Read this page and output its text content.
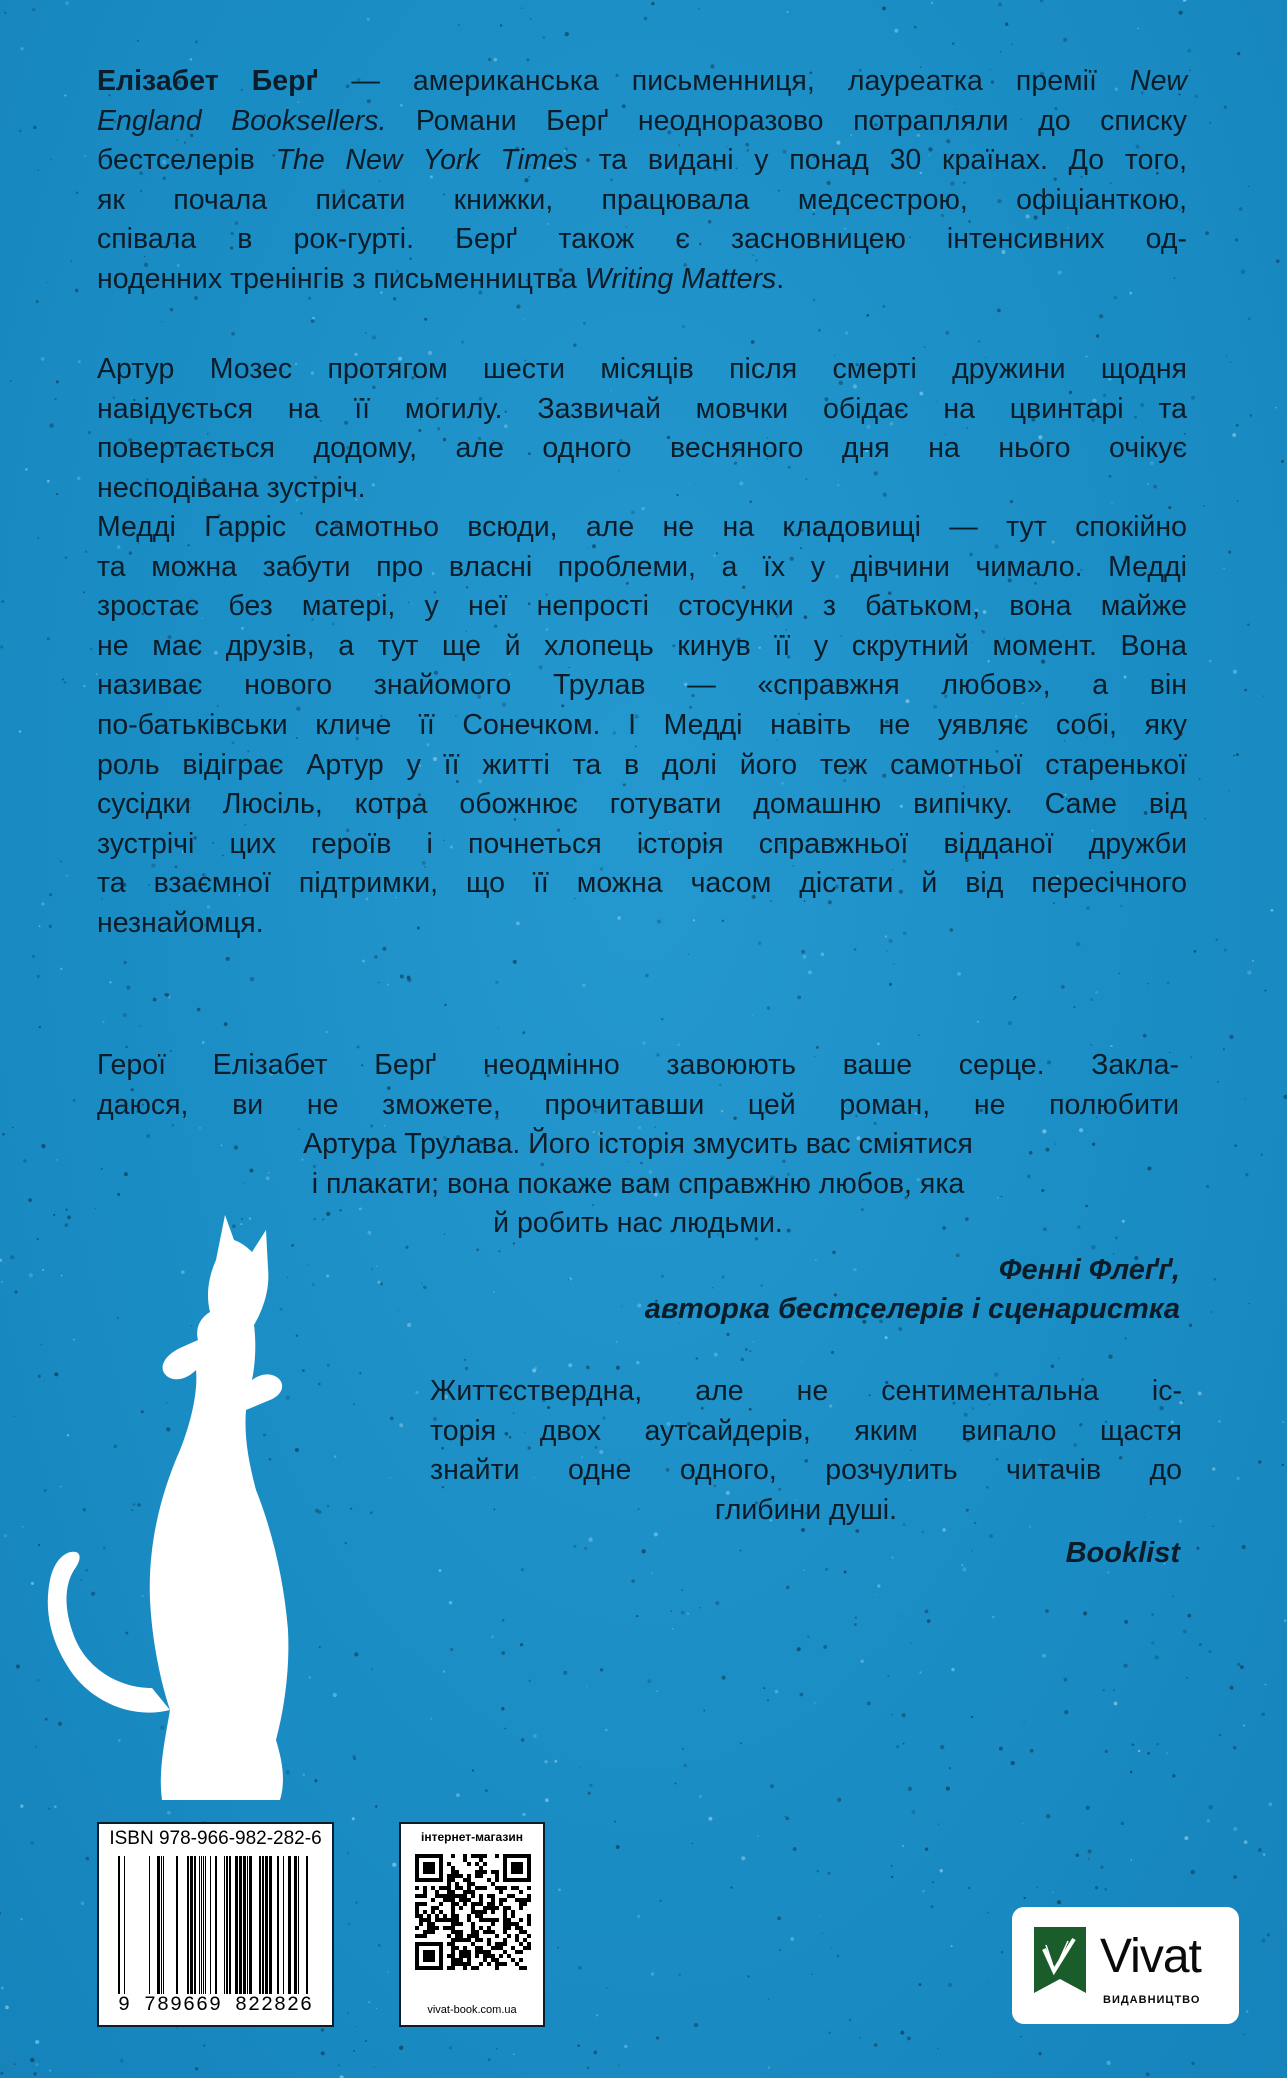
Елізабет Берґ — американська письменниця, лауреатка премії New
England Booksellers. Романи Берґ неодноразово потрапляли до списку
бестселерів The New York Times та видані у понад 30 країнах. До того,
як почала писати книжки, працювала медсестрою, офіціанткою,
співала в рок-гурті. Берґ також є засновницею інтенсивних од-
ноденних тренінгів з письменництва Writing Matters.
Артур Мозес протягом шести місяців після смерті дружини щодня
навідується на її могилу. Зазвичай мовчки обідає на цвинтарі та
повертається додому, але одного весняного дня на нього очікує
несподівана зустріч.
Медді Гарріс самотньо всюди, але не на кладовищі — тут спокійно
та можна забути про власні проблеми, а їх у дівчини чимало. Медді
зростає без матері, у неї непрості стосунки з батьком, вона майже
не має друзів, а тут ще й хлопець кинув її у скрутний момент. Вона
називає нового знайомого Трулав — «справжня любов», а він
по-батьківськи кличе її Сонечком. І Медді навіть не уявляє собі, яку
роль відіграє Артур у її житті та в долі його теж самотньої старенької
сусідки Люсіль, котра обожнює готувати домашню випічку. Саме від
зустрічі цих героїв і почнеться історія справжньої відданої дружби
та взаємної підтримки, що її можна часом дістати й від пересічного
незнайомця.
Герої Елізабет Берґ неодмінно завоюють ваше серце. Закла-
даюся, ви не зможете, прочитавши цей роман, не полюбити
Артура Трулава. Його історія змусить вас сміятися
і плакати; вона покаже вам справжню любов, яка
й робить нас людьми.
Фенні Флеґґ,
авторка бестселерів і сценаристка
Життєствердна, але не сентиментальна іс-
торія двох аутсайдерів, яким випало щастя
знайти одне одного, розчулить читачів до
глибини душі.
Booklist
ISBN 978-966-982-282-6
9 789669 822826
інтернет-магазин
vivat-book.com.ua
Vivat
ВИДАВНИЦТВО
